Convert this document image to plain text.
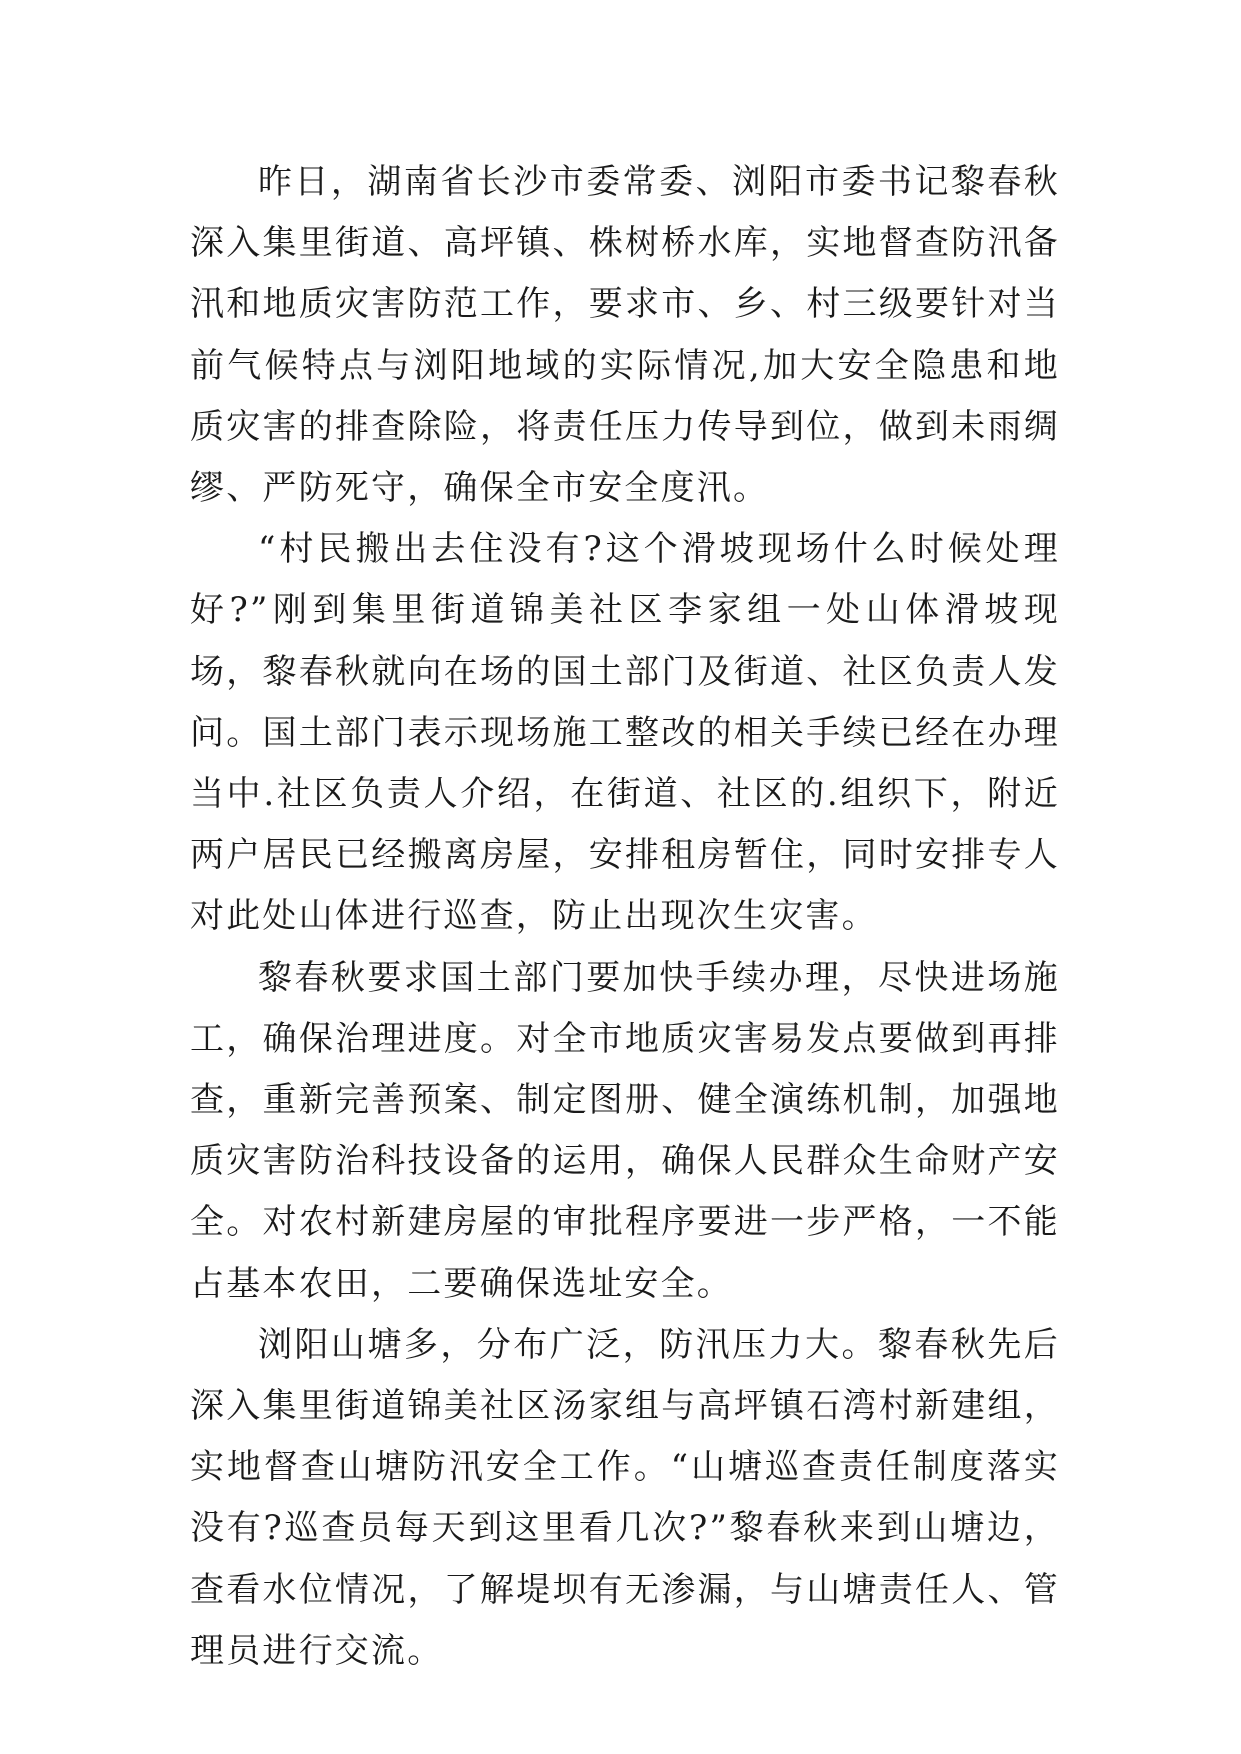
昨日，湖南省长沙市委常委、浏阳市委书记黎春秋深入集里街道、高坪镇、株树桥水库，实地督查防汛备汛和地质灾害防范工作，要求市、乡、村三级要针对当前气候特点与浏阳地域的实际情况,加大安全隐患和地质灾害的排查除险，将责任压力传导到位，做到未雨绸缪、严防死守，确保全市安全度汛。

“村民搬出去住没有?这个滑坡现场什么时候处理好?”刚到集里街道锦美社区李家组一处山体滑坡现场，黎春秋就向在场的国土部门及街道、社区负责人发问。国土部门表示现场施工整改的相关手续已经在办理当中.社区负责人介绍，在街道、社区的.组织下，附近两户居民已经搬离房屋，安排租房暂住，同时安排专人对此处山体进行巡查，防止出现次生灾害。

黎春秋要求国土部门要加快手续办理，尽快进场施工，确保治理进度。对全市地质灾害易发点要做到再排查，重新完善预案、制定图册、健全演练机制，加强地质灾害防治科技设备的运用，确保人民群众生命财产安全。对农村新建房屋的审批程序要进一步严格，一不能占基本农田，二要确保选址安全。

浏阳山塘多，分布广泛，防汛压力大。黎春秋先后深入集里街道锦美社区汤家组与高坪镇石湾村新建组，实地督查山塘防汛安全工作。“山塘巡查责任制度落实没有?巡查员每天到这里看几次?”黎春秋来到山塘边，查看水位情况，了解堤坝有无渗漏，与山塘责任人、管理员进行交流。
